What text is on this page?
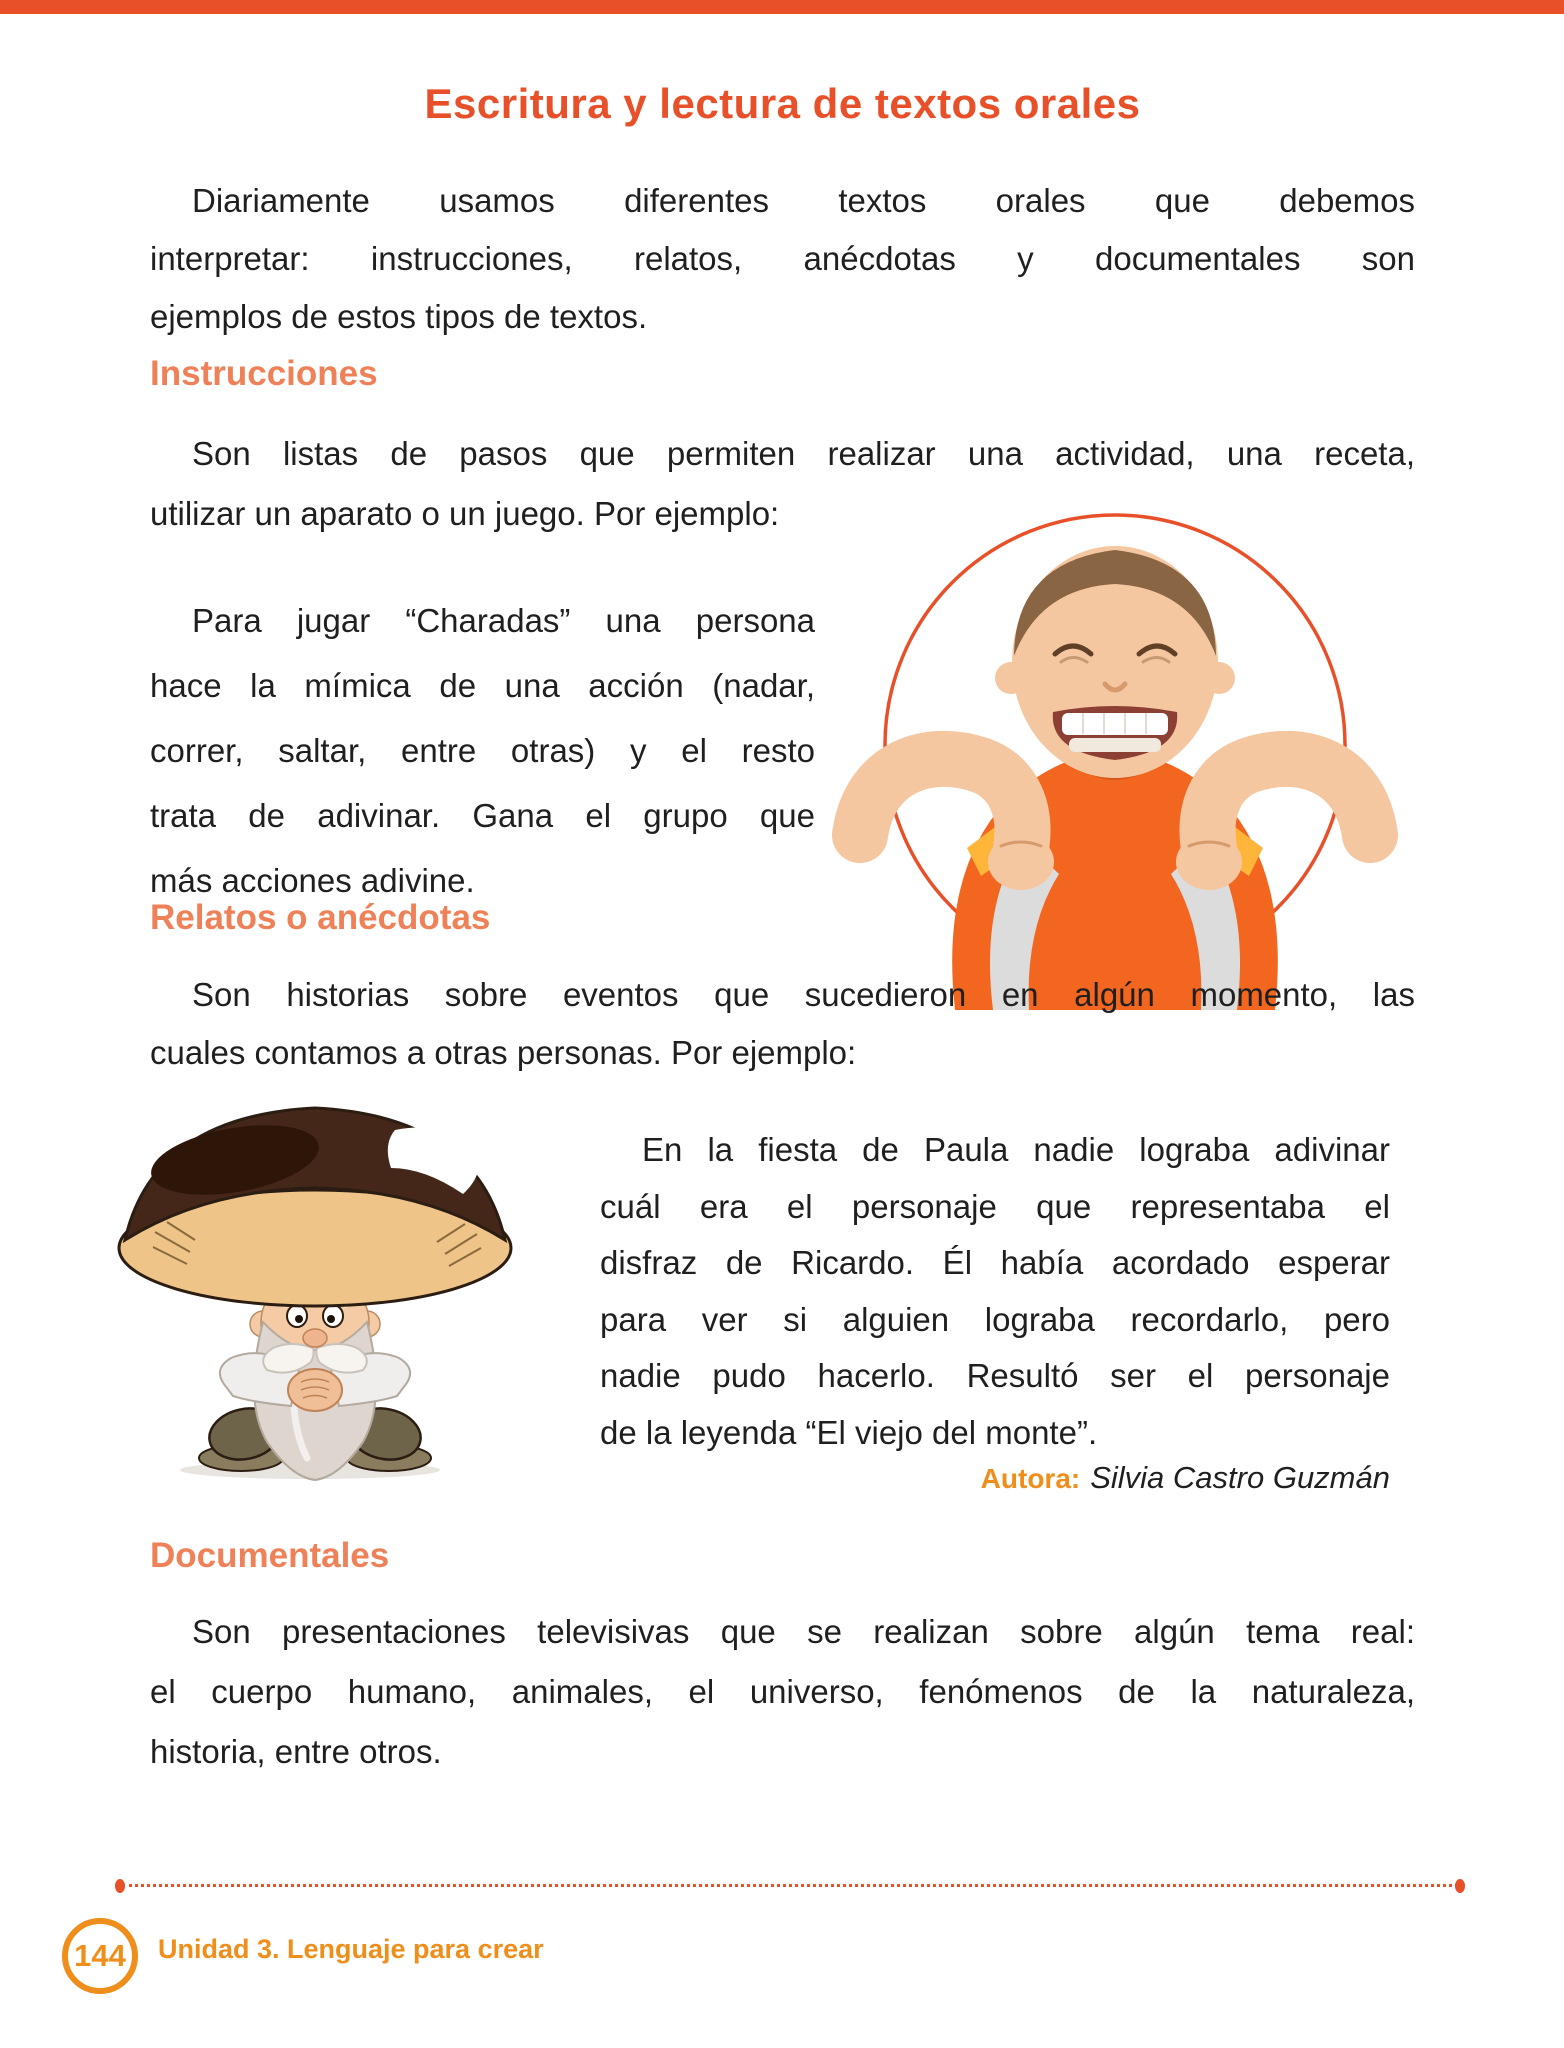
Escritura y lectura de textos orales
Diariamente usamos diferentes textos orales que debemos
interpretar: instrucciones, relatos, anécdotas y documentales son
ejemplos de estos tipos de textos.
Instrucciones
Son listas de pasos que permiten realizar una actividad, una receta,
utilizar un aparato o un juego. Por ejemplo:
Para jugar “Charadas” una persona
hace la mímica de una acción (nadar,
correr, saltar, entre otras) y el resto
trata de adivinar. Gana el grupo que
más acciones adivine.
Relatos o anécdotas
Son historias sobre eventos que sucedieron en algún momento, las
cuales contamos a otras personas. Por ejemplo:
En la fiesta de Paula nadie lograba adivinar
cuál era el personaje que representaba el
disfraz de Ricardo. Él había acordado esperar
para ver si alguien lograba recordarlo, pero
nadie pudo hacerlo. Resultó ser el personaje
de la leyenda “El viejo del monte”.
Autora: Silvia Castro Guzmán
Documentales
Son presentaciones televisivas que se realizan sobre algún tema real:
el cuerpo humano, animales, el universo, fenómenos de la naturaleza,
historia, entre otros.
144 Unidad 3. Lenguaje para crear
